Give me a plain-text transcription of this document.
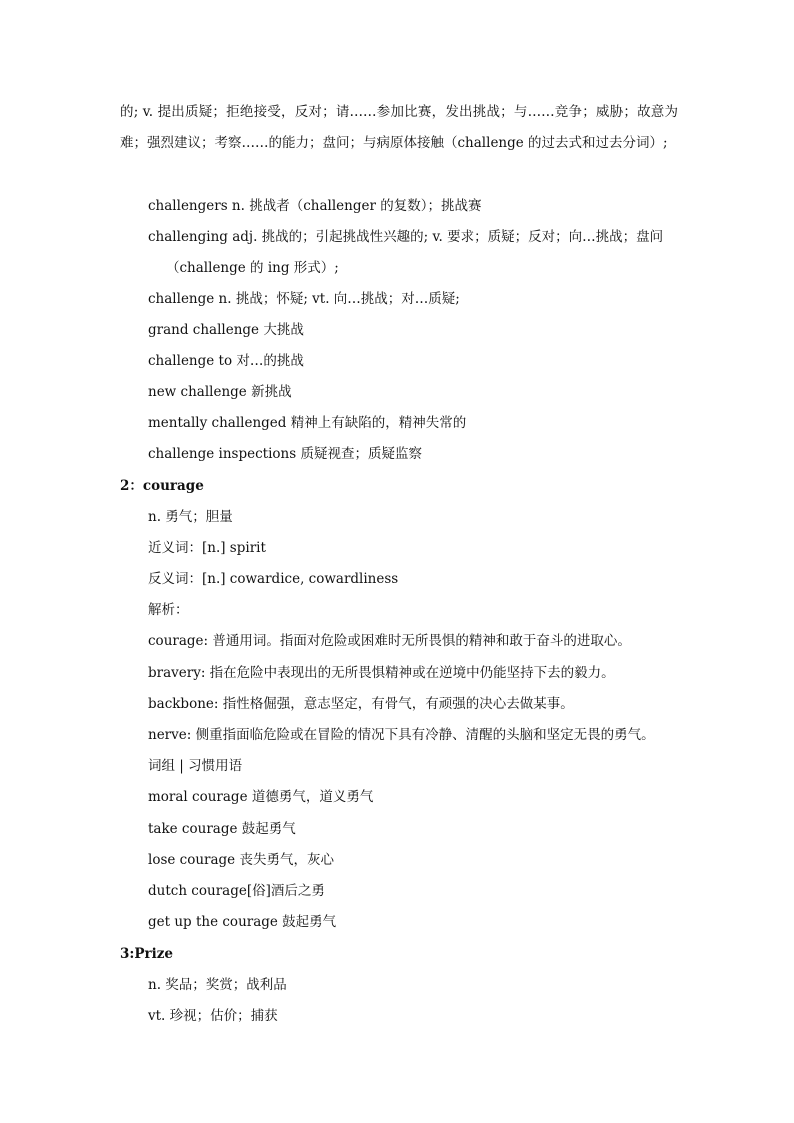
的; v. 提出质疑；拒绝接受，反对；请……参加比赛，发出挑战；与……竞争；威胁；故意为难；强烈建议；考察……的能力；盘问；与病原体接触（challenge 的过去式和过去分词）;
challengers n. 挑战者（challenger 的复数）；挑战赛
challenging adj. 挑战的；引起挑战性兴趣的; v. 要求；质疑；反对；向…挑战；盘问
（challenge 的 ing 形式）;
challenge n. 挑战；怀疑; vt. 向…挑战；对…质疑;
grand challenge 大挑战
challenge to 对…的挑战
new challenge 新挑战
mentally challenged 精神上有缺陷的，精神失常的
challenge inspections 质疑视查；质疑监察
2：courage
n. 勇气；胆量
近义词：[n.] spirit
反义词：[n.] cowardice, cowardliness
解析：
courage: 普通用词。指面对危险或困难时无所畏惧的精神和敢于奋斗的进取心。
bravery: 指在危险中表现出的无所畏惧精神或在逆境中仍能坚持下去的毅力。
backbone: 指性格倔强，意志坚定，有骨气，有顽强的决心去做某事。
nerve: 侧重指面临危险或在冒险的情况下具有冷静、清醒的头脑和坚定无畏的勇气。
词组 | 习惯用语
moral courage 道德勇气，道义勇气
take courage 鼓起勇气
lose courage 丧失勇气，灰心
dutch courage[俗]酒后之勇
get up the courage 鼓起勇气
3:Prize
n. 奖品；奖赏；战利品
vt. 珍视；估价；捕获
